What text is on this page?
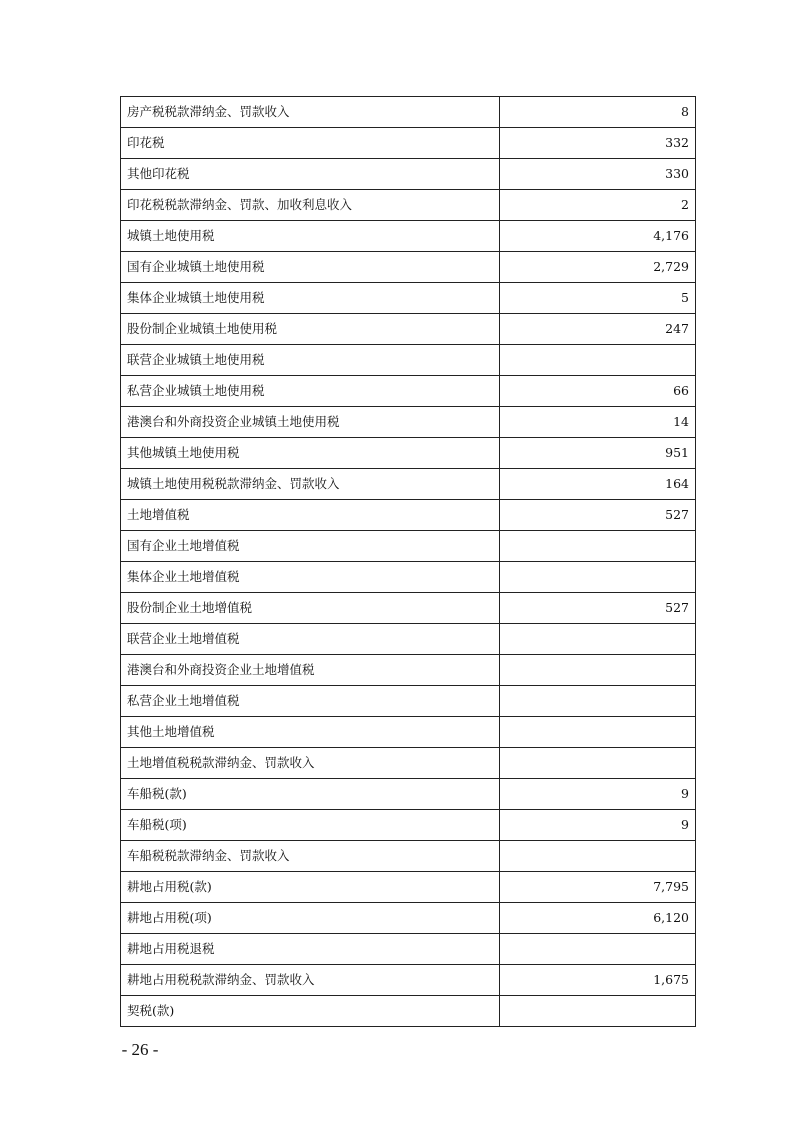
房产税税款滞纳金、罚款收入	8
印花税	332
其他印花税	330
印花税税款滞纳金、罚款、加收利息收入	2
城镇土地使用税	4,176
国有企业城镇土地使用税	2,729
集体企业城镇土地使用税	5
股份制企业城镇土地使用税	247
联营企业城镇土地使用税	
私营企业城镇土地使用税	66
港澳台和外商投资企业城镇土地使用税	14
其他城镇土地使用税	951
城镇土地使用税税款滞纳金、罚款收入	164
土地增值税	527
国有企业土地增值税	
集体企业土地增值税	
股份制企业土地增值税	527
联营企业土地增值税	
港澳台和外商投资企业土地增值税	
私营企业土地增值税	
其他土地增值税	
土地增值税税款滞纳金、罚款收入	
车船税(款)	9
车船税(项)	9
车船税税款滞纳金、罚款收入	
耕地占用税(款)	7,795
耕地占用税(项)	6,120
耕地占用税退税	
耕地占用税税款滞纳金、罚款收入	1,675
契税(款)	
- 26 -
